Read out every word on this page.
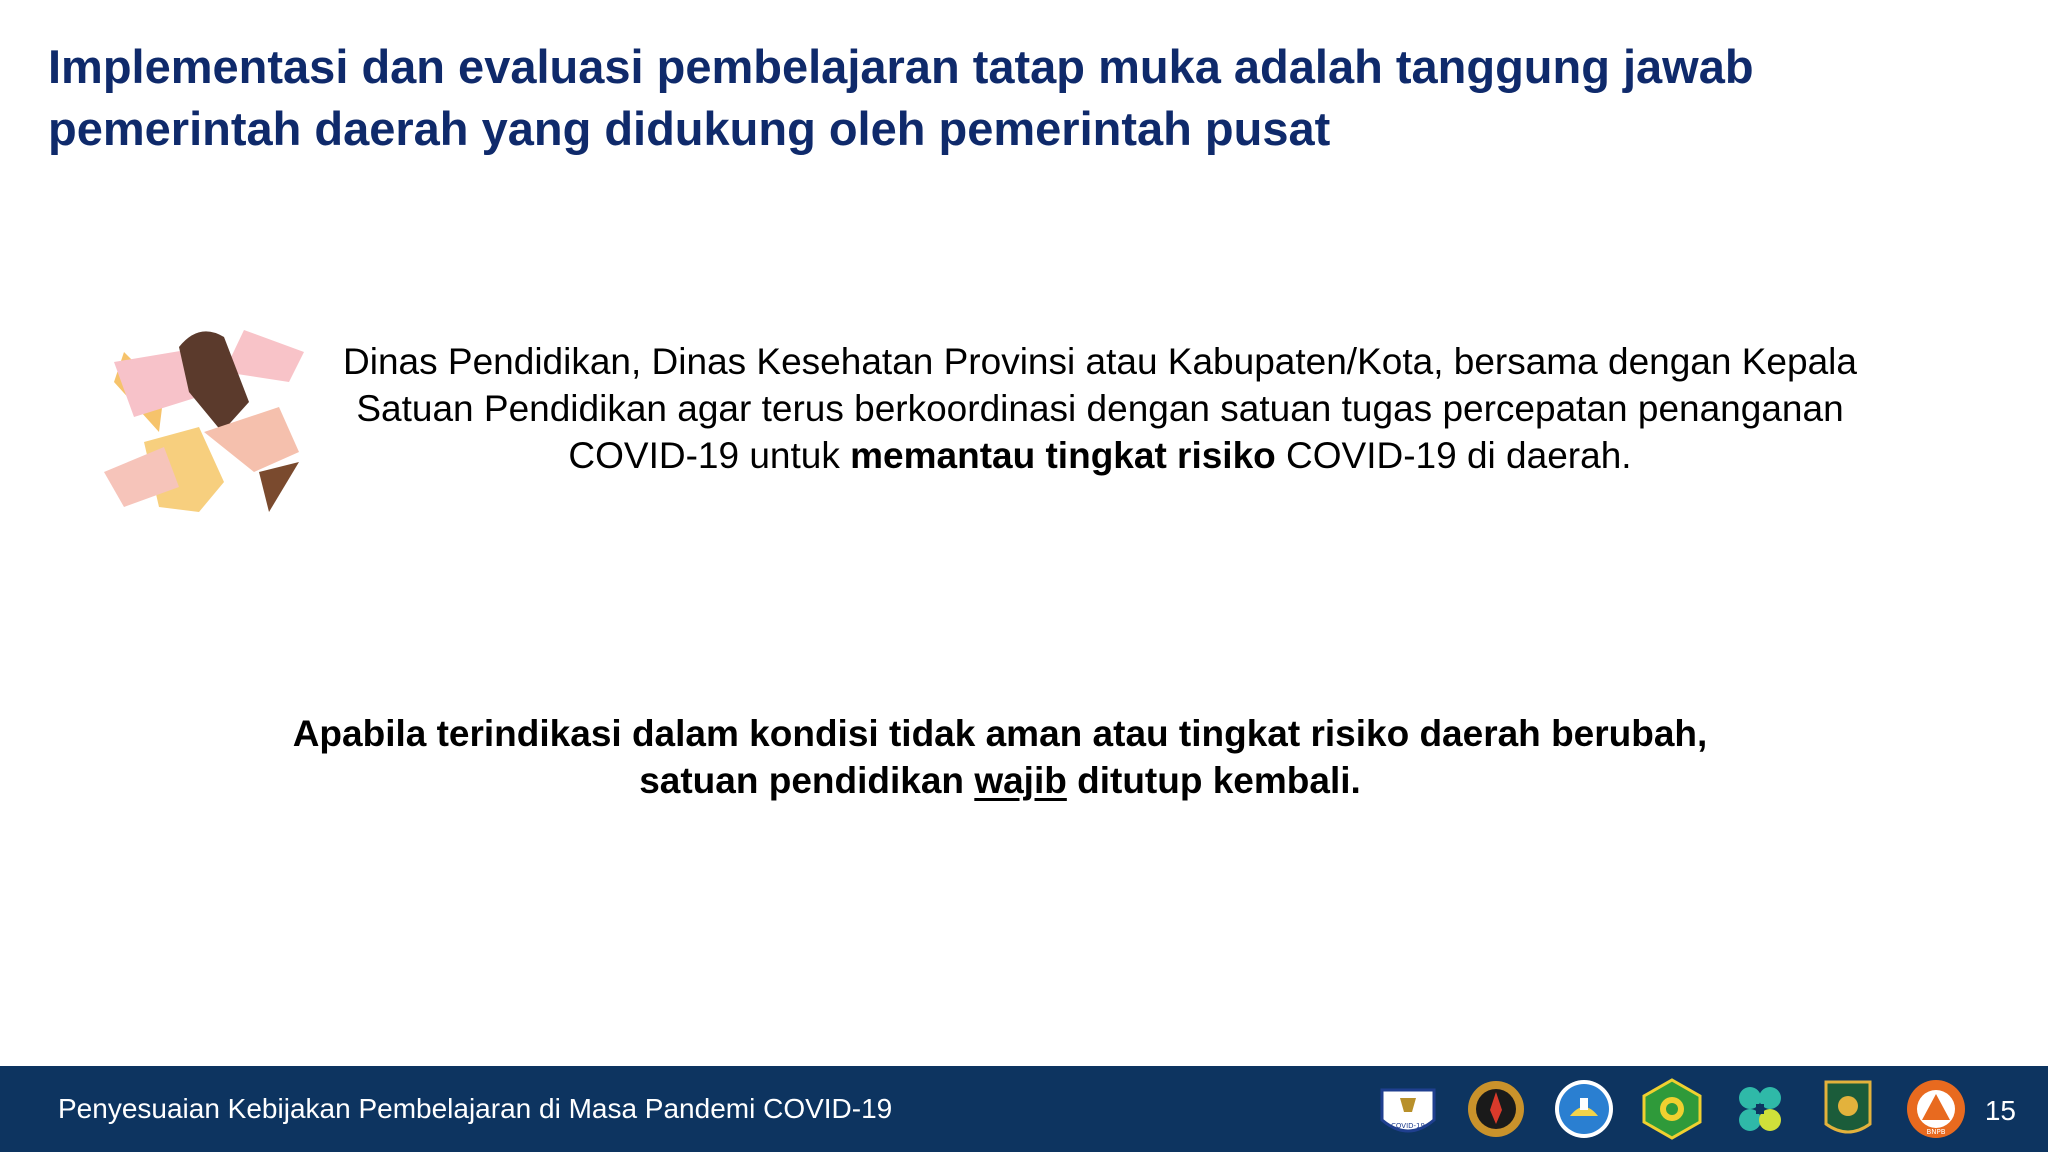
Implementasi dan evaluasi pembelajaran tatap muka adalah tanggung jawab pemerintah daerah yang didukung oleh pemerintah pusat
Dinas Pendidikan, Dinas Kesehatan Provinsi atau Kabupaten/Kota, bersama dengan Kepala Satuan Pendidikan agar terus berkoordinasi dengan satuan tugas percepatan penanganan COVID-19 untuk memantau tingkat risiko COVID-19 di daerah.
Apabila terindikasi dalam kondisi tidak aman atau tingkat risiko daerah berubah,
satuan pendidikan wajib ditutup kembali.
Penyesuaian Kebijakan Pembelajaran di Masa Pandemi COVID-19
COVID-19
BNPB
15
